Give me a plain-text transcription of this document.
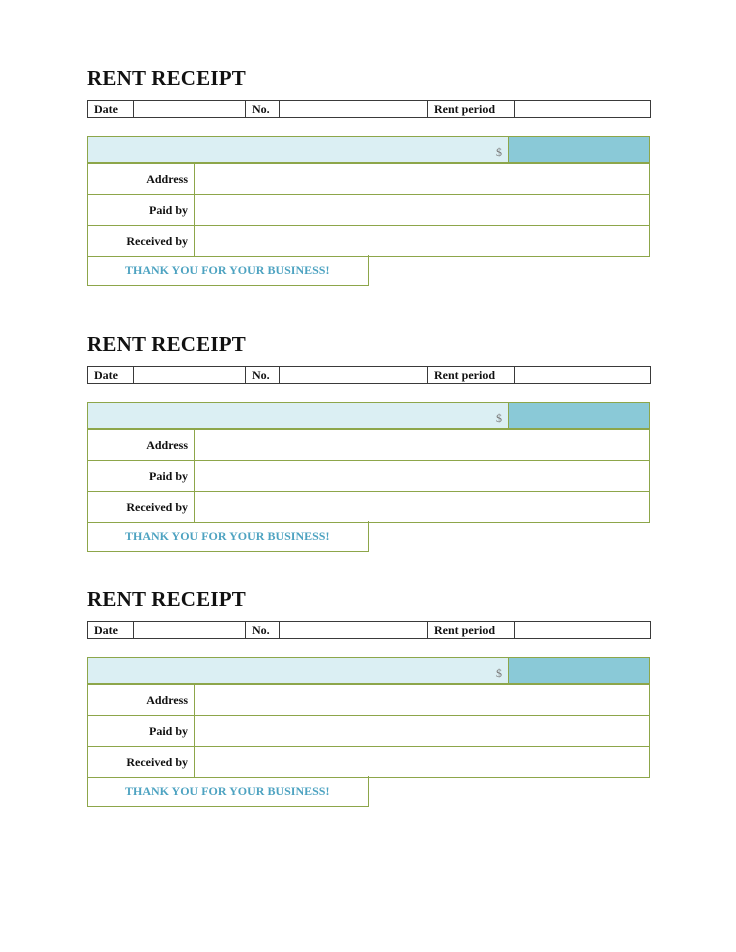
RENT RECEIPT
Date		No.		Rent period	
$
Address	
Paid by	
Received by	
THANK YOU FOR YOUR BUSINESS!
RENT RECEIPT
Date		No.		Rent period	
$
Address	
Paid by	
Received by	
THANK YOU FOR YOUR BUSINESS!
RENT RECEIPT
Date		No.		Rent period	
$
Address	
Paid by	
Received by	
THANK YOU FOR YOUR BUSINESS!
